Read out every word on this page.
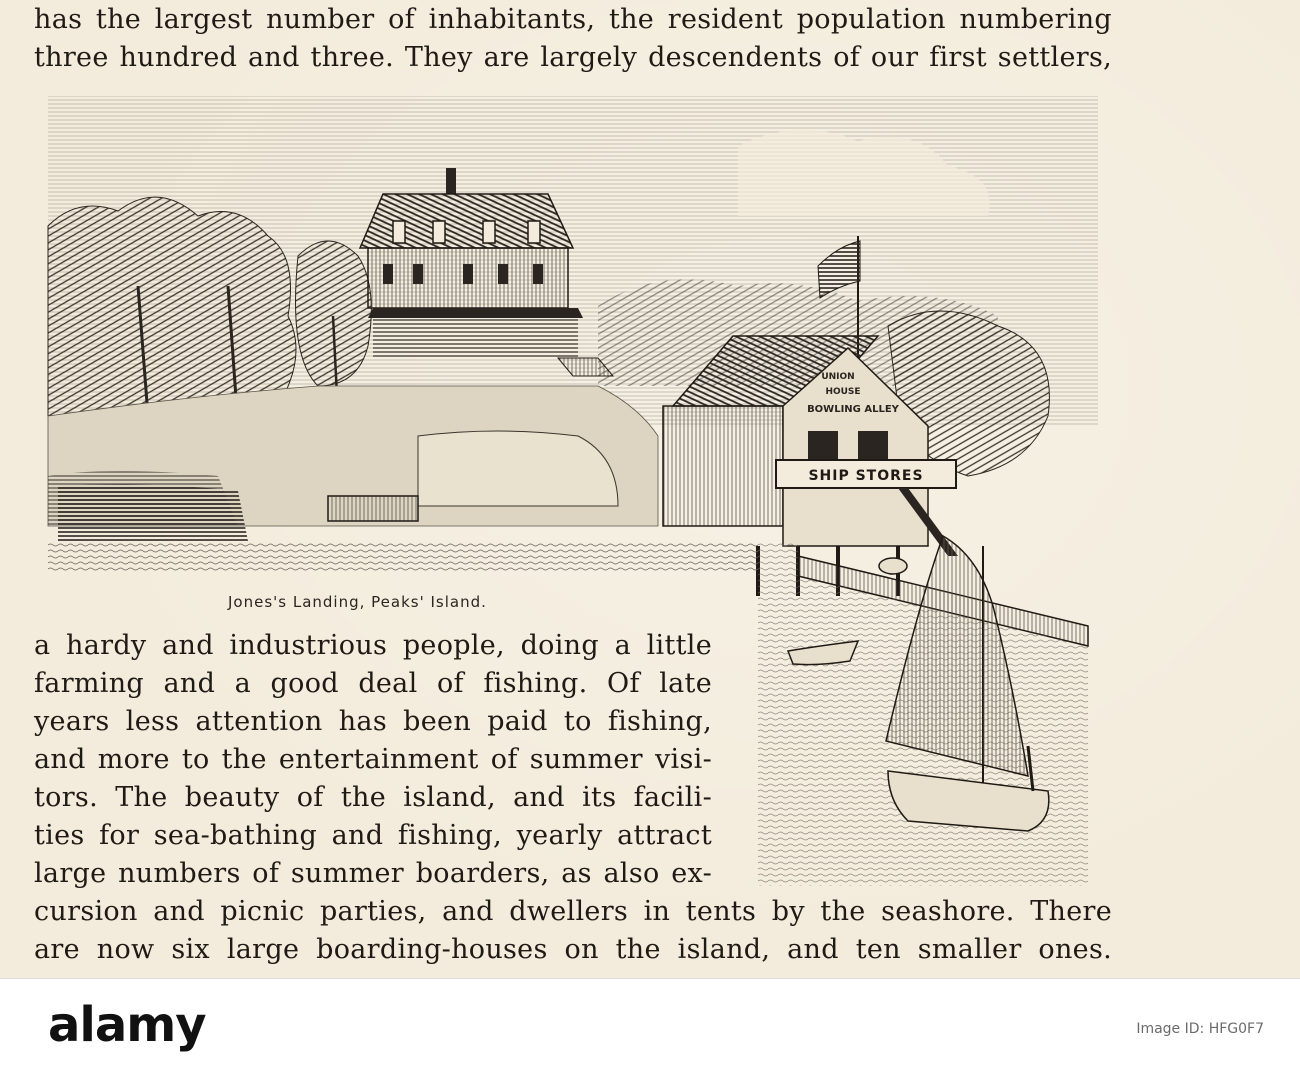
has the largest number of inhabitants, the resident population numbering

three hundred and three. They are largely descendents of our first settlers,

UNION
HOUSE
BOWLING ALLEY
SHIP STORES
Jones's Landing, Peaks' Island.

a hardy and industrious people, doing a little

farming and a good deal of fishing. Of late

years less attention has been paid to fishing,

and more to the entertainment of summer visi-

tors. The beauty of the island, and its facili-

ties for sea-bathing and fishing, yearly attract

large numbers of summer boarders, as also ex-

cursion and picnic parties, and dwellers in tents by the seashore. There

are now six large boarding-houses on the island, and ten smaller ones.

alamy	Image ID: HFG0F7
